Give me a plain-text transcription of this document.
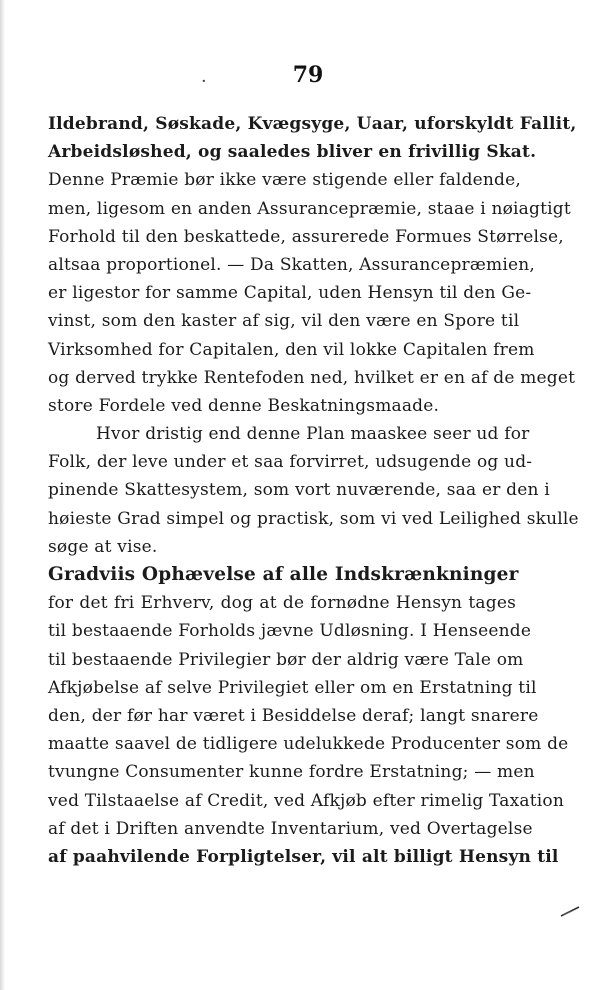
·	79
Ildebrand, Søskade, Kvægsyge, Uaar, uforskyldt Fallit,
Arbeidsløshed, og saaledes bliver en frivillig Skat.
Denne Præmie bør ikke være stigende eller faldende,
men, ligesom en anden Assurancepræmie, staae i nøiagtigt
Forhold til den beskattede, assurerede Formues Størrelse,
altsaa proportionel. — Da Skatten, Assurancepræmien,
er ligestor for samme Capital, uden Hensyn til den Ge-
vinst, som den kaster af sig, vil den være en Spore til
Virksomhed for Capitalen, den vil lokke Capitalen frem
og derved trykke Rentefoden ned, hvilket er en af de meget
store Fordele ved denne Beskatningsmaade.
Hvor dristig end denne Plan maaskee seer ud for
Folk, der leve under et saa forvirret, udsugende og ud-
pinende Skattesystem, som vort nuværende, saa er den i
høieste Grad simpel og practisk, som vi ved Leilighed skulle
søge at vise.
Gradviis Ophævelse af alle Indskrænkninger
for det fri Erhverv, dog at de fornødne Hensyn tages
til bestaaende Forholds jævne Udløsning. I Henseende
til bestaaende Privilegier bør der aldrig være Tale om
Afkjøbelse af selve Privilegiet eller om en Erstatning til
den, der før har været i Besiddelse deraf; langt snarere
maatte saavel de tidligere udelukkede Producenter som de
tvungne Consumenter kunne fordre Erstatning; — men
ved Tilstaaelse af Credit, ved Afkjøb efter rimelig Taxation
af det i Driften anvendte Inventarium, ved Overtagelse
af paahvilende Forpligtelser, vil alt billigt Hensyn til
